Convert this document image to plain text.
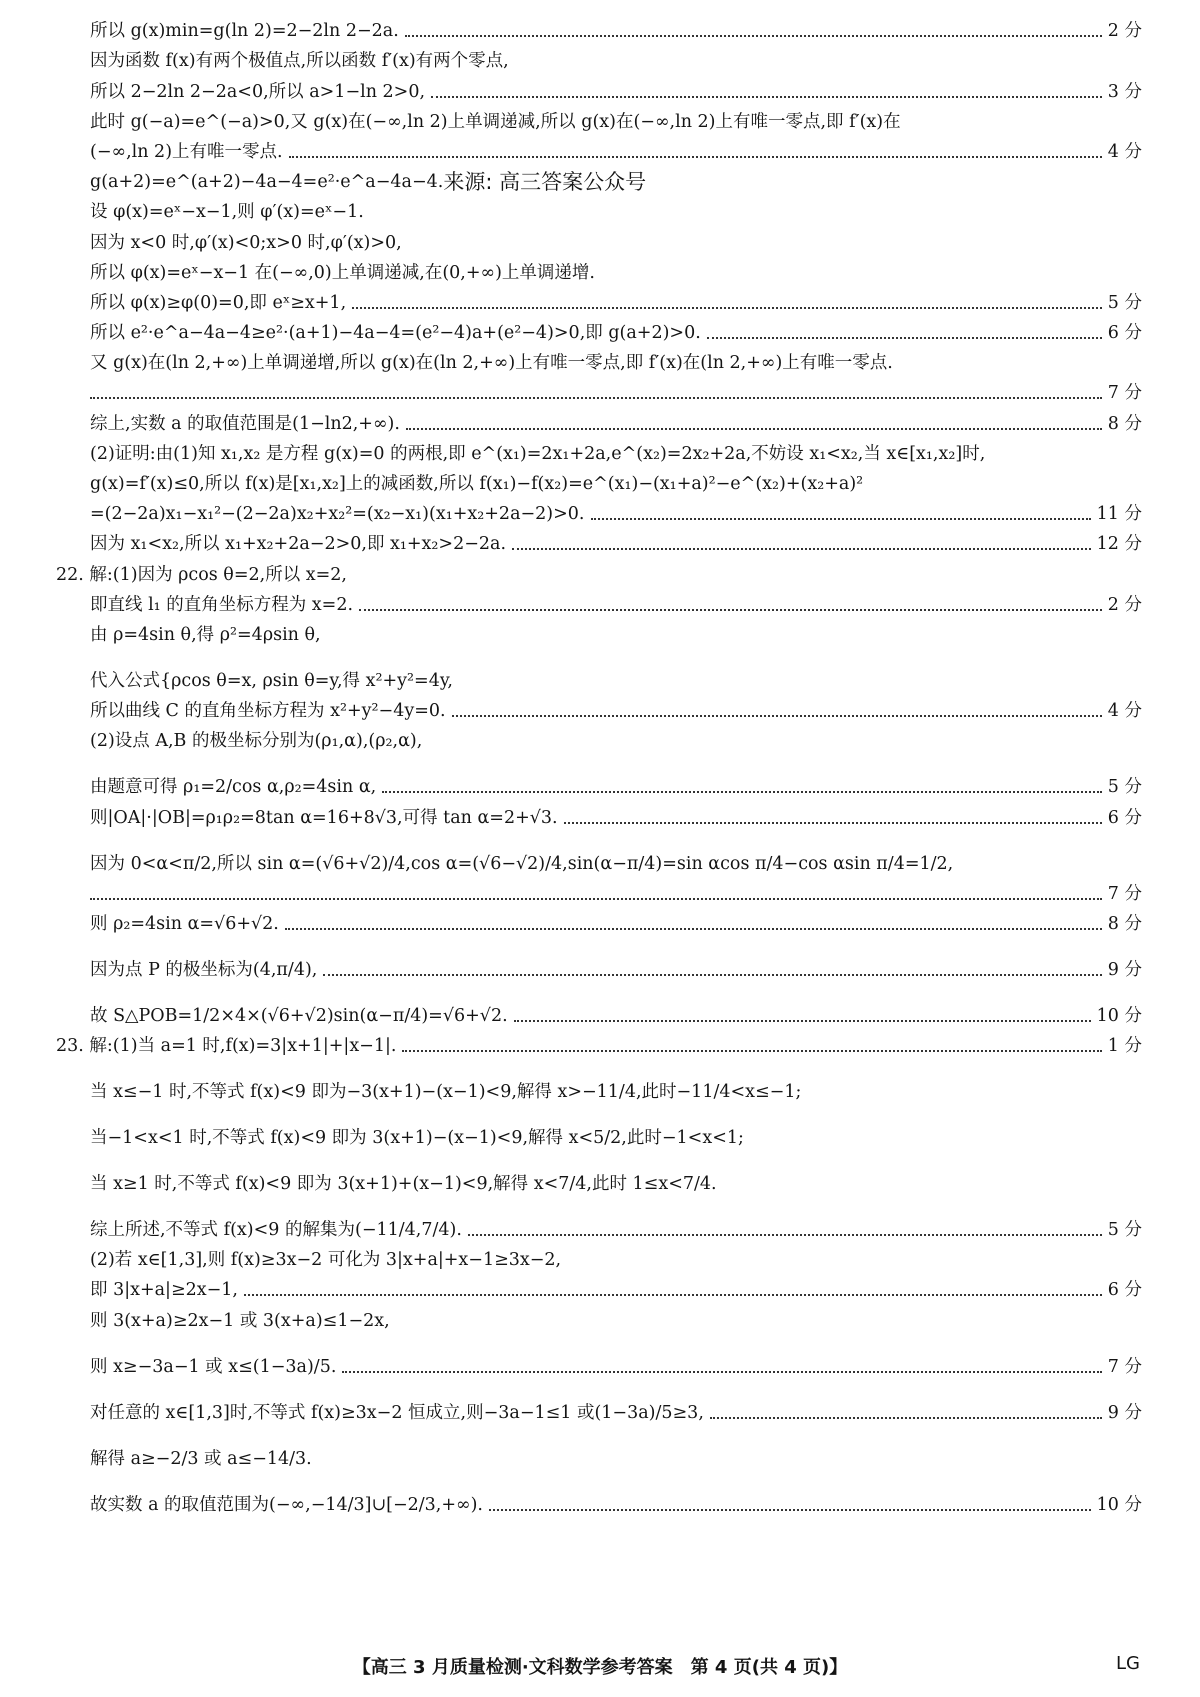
所以 g(x)min=g(ln 2)=2−2ln 2−2a.	2 分
因为函数 f(x)有两个极值点,所以函数 f′(x)有两个零点,
所以 2−2ln 2−2a<0,所以 a>1−ln 2>0,	3 分
此时 g(−a)=e^(−a)>0,又 g(x)在(−∞,ln 2)上单调递减,所以 g(x)在(−∞,ln 2)上有唯一零点,即 f′(x)在
(−∞,ln 2)上有唯一零点.	4 分
g(a+2)=e^(a+2)−4a−4=e²·e^a−4a−4. 来源: 高三答案公众号
设 φ(x)=eˣ−x−1,则 φ′(x)=eˣ−1.
因为 x<0 时,φ′(x)<0;x>0 时,φ′(x)>0,
所以 φ(x)=eˣ−x−1 在(−∞,0)上单调递减,在(0,+∞)上单调递增.
所以 φ(x)≥φ(0)=0,即 eˣ≥x+1,	5 分
所以 e²·e^a−4a−4≥e²·(a+1)−4a−4=(e²−4)a+(e²−4)>0,即 g(a+2)>0.	6 分
又 g(x)在(ln 2,+∞)上单调递增,所以 g(x)在(ln 2,+∞)上有唯一零点,即 f′(x)在(ln 2,+∞)上有唯一零点.
7 分
综上,实数 a 的取值范围是(1−ln2,+∞).	8 分
(2)证明:由(1)知 x₁,x₂ 是方程 g(x)=0 的两根,即 e^(x₁)=2x₁+2a,e^(x₂)=2x₂+2a,不妨设 x₁<x₂,当 x∈[x₁,x₂]时,
g(x)=f′(x)≤0,所以 f(x)是[x₁,x₂]上的减函数,所以 f(x₁)−f(x₂)=e^(x₁)−(x₁+a)²−e^(x₂)+(x₂+a)²
=(2−2a)x₁−x₁²−(2−2a)x₂+x₂²=(x₂−x₁)(x₁+x₂+2a−2)>0.	11 分
因为 x₁<x₂,所以 x₁+x₂+2a−2>0,即 x₁+x₂>2−2a.	12 分
22. 解:(1)因为 ρcos θ=2,所以 x=2,
即直线 l₁ 的直角坐标方程为 x=2.	2 分
由 ρ=4sin θ,得 ρ²=4ρsin θ,
代入公式{ρcos θ=x, ρsin θ=y,得 x²+y²=4y,
所以曲线 C 的直角坐标方程为 x²+y²−4y=0.	4 分
(2)设点 A,B 的极坐标分别为(ρ₁,α),(ρ₂,α),
由题意可得 ρ₁=2/cos α,ρ₂=4sin α,	5 分
则|OA|·|OB|=ρ₁ρ₂=8tan α=16+8√3,可得 tan α=2+√3.	6 分
因为 0<α<π/2,所以 sin α=(√6+√2)/4,cos α=(√6−√2)/4,sin(α−π/4)=sin αcos π/4−cos αsin π/4=1/2,
7 分
则 ρ₂=4sin α=√6+√2.	8 分
因为点 P 的极坐标为(4,π/4),	9 分
故 S△POB=1/2×4×(√6+√2)sin(α−π/4)=√6+√2.	10 分
23. 解:(1)当 a=1 时,f(x)=3|x+1|+|x−1|.	1 分
当 x≤−1 时,不等式 f(x)<9 即为−3(x+1)−(x−1)<9,解得 x>−11/4,此时−11/4<x≤−1;
当−1<x<1 时,不等式 f(x)<9 即为 3(x+1)−(x−1)<9,解得 x<5/2,此时−1<x<1;
当 x≥1 时,不等式 f(x)<9 即为 3(x+1)+(x−1)<9,解得 x<7/4,此时 1≤x<7/4.
综上所述,不等式 f(x)<9 的解集为(−11/4,7/4).	5 分
(2)若 x∈[1,3],则 f(x)≥3x−2 可化为 3|x+a|+x−1≥3x−2,
即 3|x+a|≥2x−1,	6 分
则 3(x+a)≥2x−1 或 3(x+a)≤1−2x,
则 x≥−3a−1 或 x≤(1−3a)/5.	7 分
对任意的 x∈[1,3]时,不等式 f(x)≥3x−2 恒成立,则−3a−1≤1 或(1−3a)/5≥3,	9 分
解得 a≥−2/3 或 a≤−14/3.
故实数 a 的取值范围为(−∞,−14/3]∪[−2/3,+∞).	10 分
【高三 3 月质量检测·文科数学参考答案　第 4 页(共 4 页)】	LG
